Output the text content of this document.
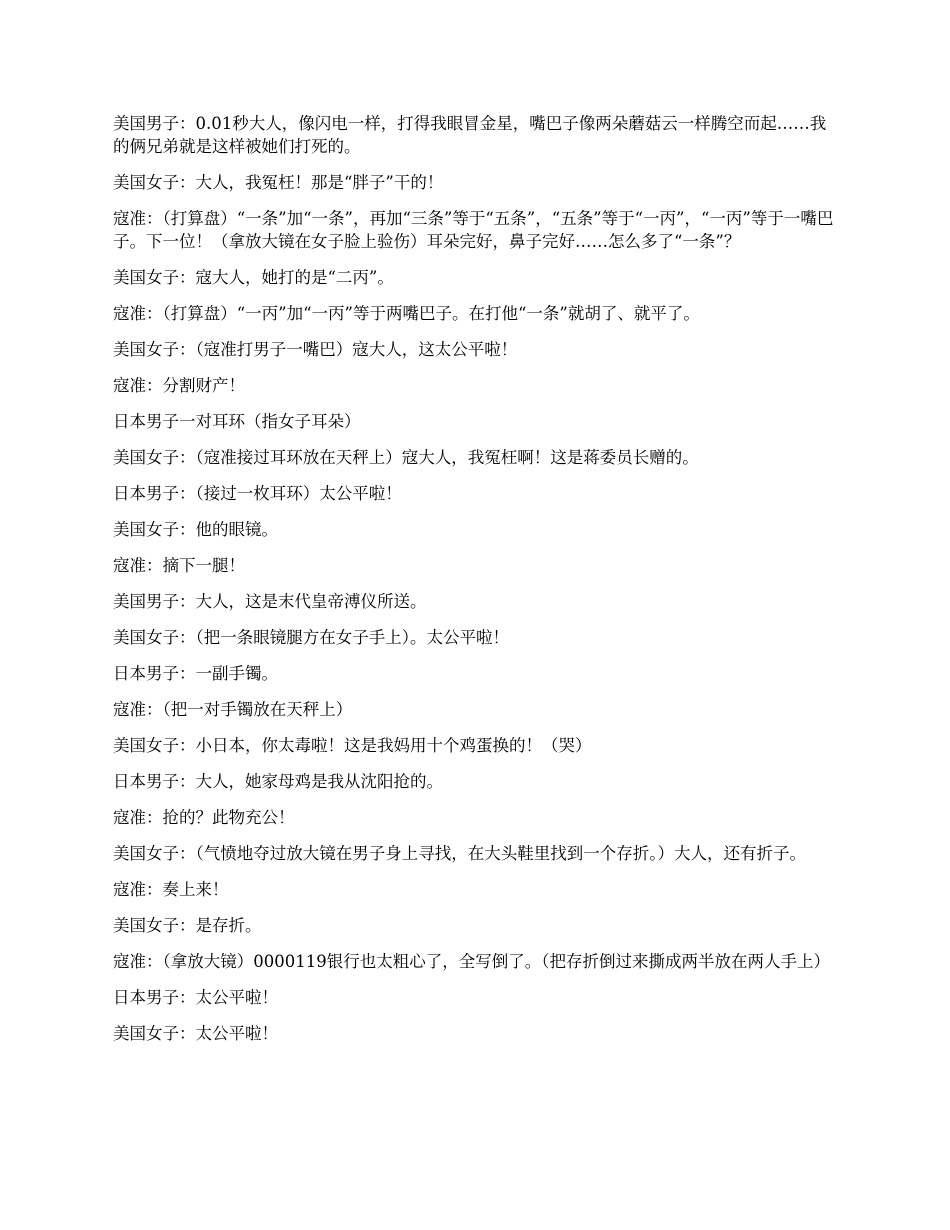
美国男子：0.01秒大人，像闪电一样，打得我眼冒金星，嘴巴子像两朵蘑菇云一样腾空而起……我的俩兄弟就是这样被她们打死的。

美国女子：大人，我冤枉！那是“胖子”干的！

寇准：（打算盘）“一条”加“一条”，再加“三条”等于“五条”，“五条”等于“一丙”，“一丙”等于一嘴巴子。下一位！（拿放大镜在女子脸上验伤）耳朵完好，鼻子完好……怎么多了“一条”？

美国女子：寇大人，她打的是“二丙”。

寇准：（打算盘）“一丙”加“一丙”等于两嘴巴子。在打他“一条”就胡了、就平了。

美国女子：（寇准打男子一嘴巴）寇大人，这太公平啦！

寇准：分割财产！

日本男子一对耳环（指女子耳朵）

美国女子：（寇准接过耳环放在天秤上）寇大人，我冤枉啊！这是蒋委员长赠的。

日本男子：（接过一枚耳环）太公平啦！

美国女子：他的眼镜。

寇准：摘下一腿！

美国男子：大人，这是末代皇帝溥仪所送。

美国女子：（把一条眼镜腿方在女子手上）。太公平啦！

日本男子：一副手镯。

寇准：（把一对手镯放在天秤上）

美国女子：小日本，你太毒啦！这是我妈用十个鸡蛋换的！（哭）

日本男子：大人，她家母鸡是我从沈阳抢的。

寇准：抢的？此物充公！

美国女子：（气愤地夺过放大镜在男子身上寻找，在大头鞋里找到一个存折。）大人，还有折子。

寇准：奏上来！

美国女子：是存折。

寇准：（拿放大镜）0000119银行也太粗心了，全写倒了。（把存折倒过来撕成两半放在两人手上）

日本男子：太公平啦！

美国女子：太公平啦！
